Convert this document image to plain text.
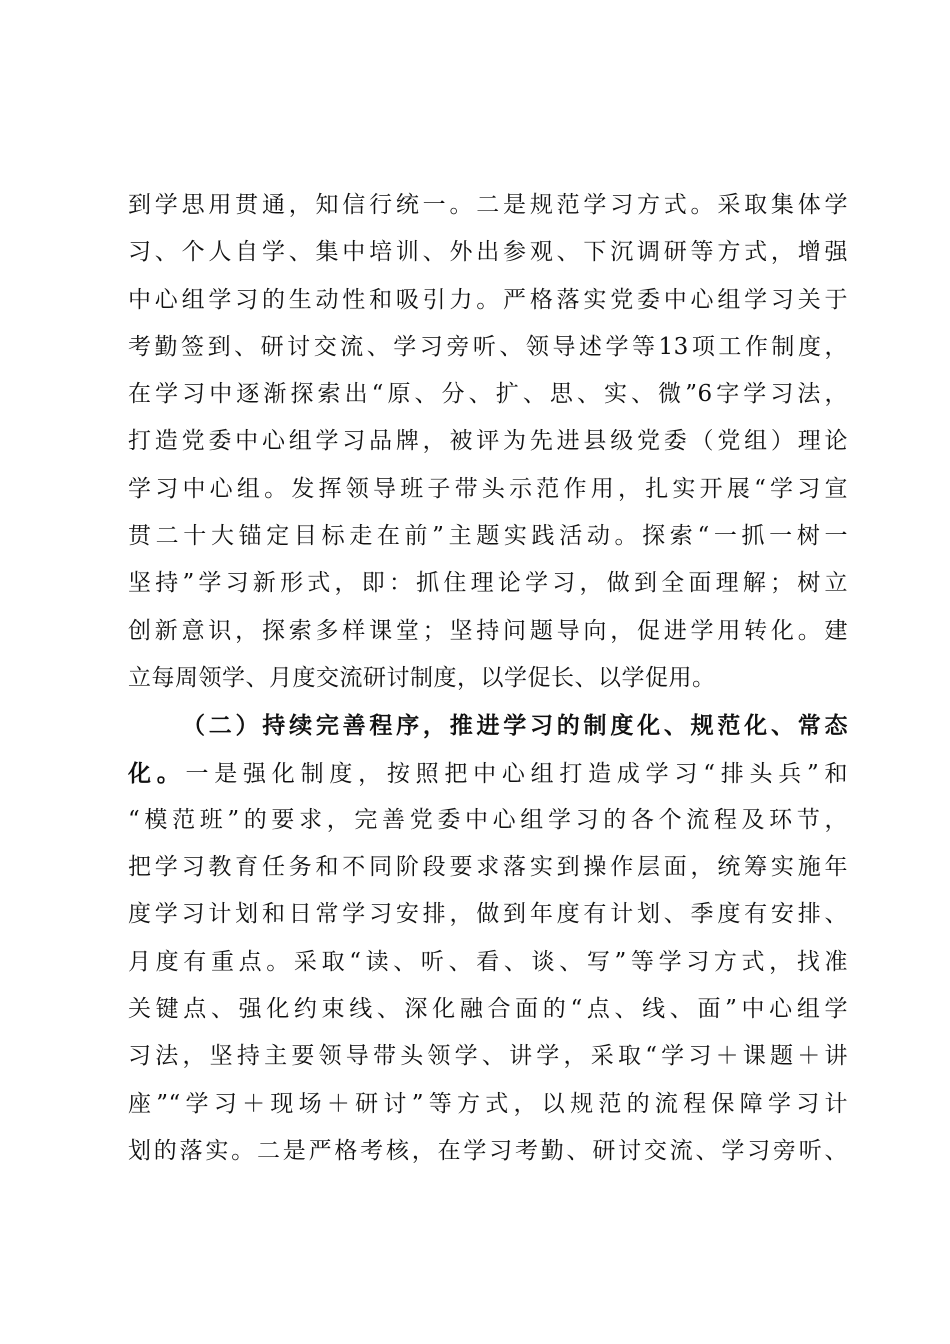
到学思用贯通，知信行统一。二是规范学习方式。采取集体学
习、个人自学、集中培训、外出参观、下沉调研等方式，增强
中心组学习的生动性和吸引力。严格落实党委中心组学习关于
考勤签到、研讨交流、学习旁听、领导述学等13项工作制度，
在学习中逐渐探索出“原、分、扩、思、实、微”6字学习法，
打造党委中心组学习品牌，被评为先进县级党委（党组）理论
学习中心组。发挥领导班子带头示范作用，扎实开展“学习宣
贯二十大锚定目标走在前”主题实践活动。探索“一抓一树一
坚持”学习新形式，即：抓住理论学习，做到全面理解；树立
创新意识，探索多样课堂；坚持问题导向，促进学用转化。建
立每周领学、月度交流研讨制度，以学促长、以学促用。
（二）持续完善程序，推进学习的制度化、规范化、常态
化。一是强化制度，按照把中心组打造成学习“排头兵”和
“模范班”的要求，完善党委中心组学习的各个流程及环节，
把学习教育任务和不同阶段要求落实到操作层面，统筹实施年
度学习计划和日常学习安排，做到年度有计划、季度有安排、
月度有重点。采取“读、听、看、谈、写”等学习方式，找准
关键点、强化约束线、深化融合面的“点、线、面”中心组学
习法，坚持主要领导带头领学、讲学，采取“学习＋课题＋讲
座”“学习＋现场＋研讨”等方式，以规范的流程保障学习计
划的落实。二是严格考核，在学习考勤、研讨交流、学习旁听、
